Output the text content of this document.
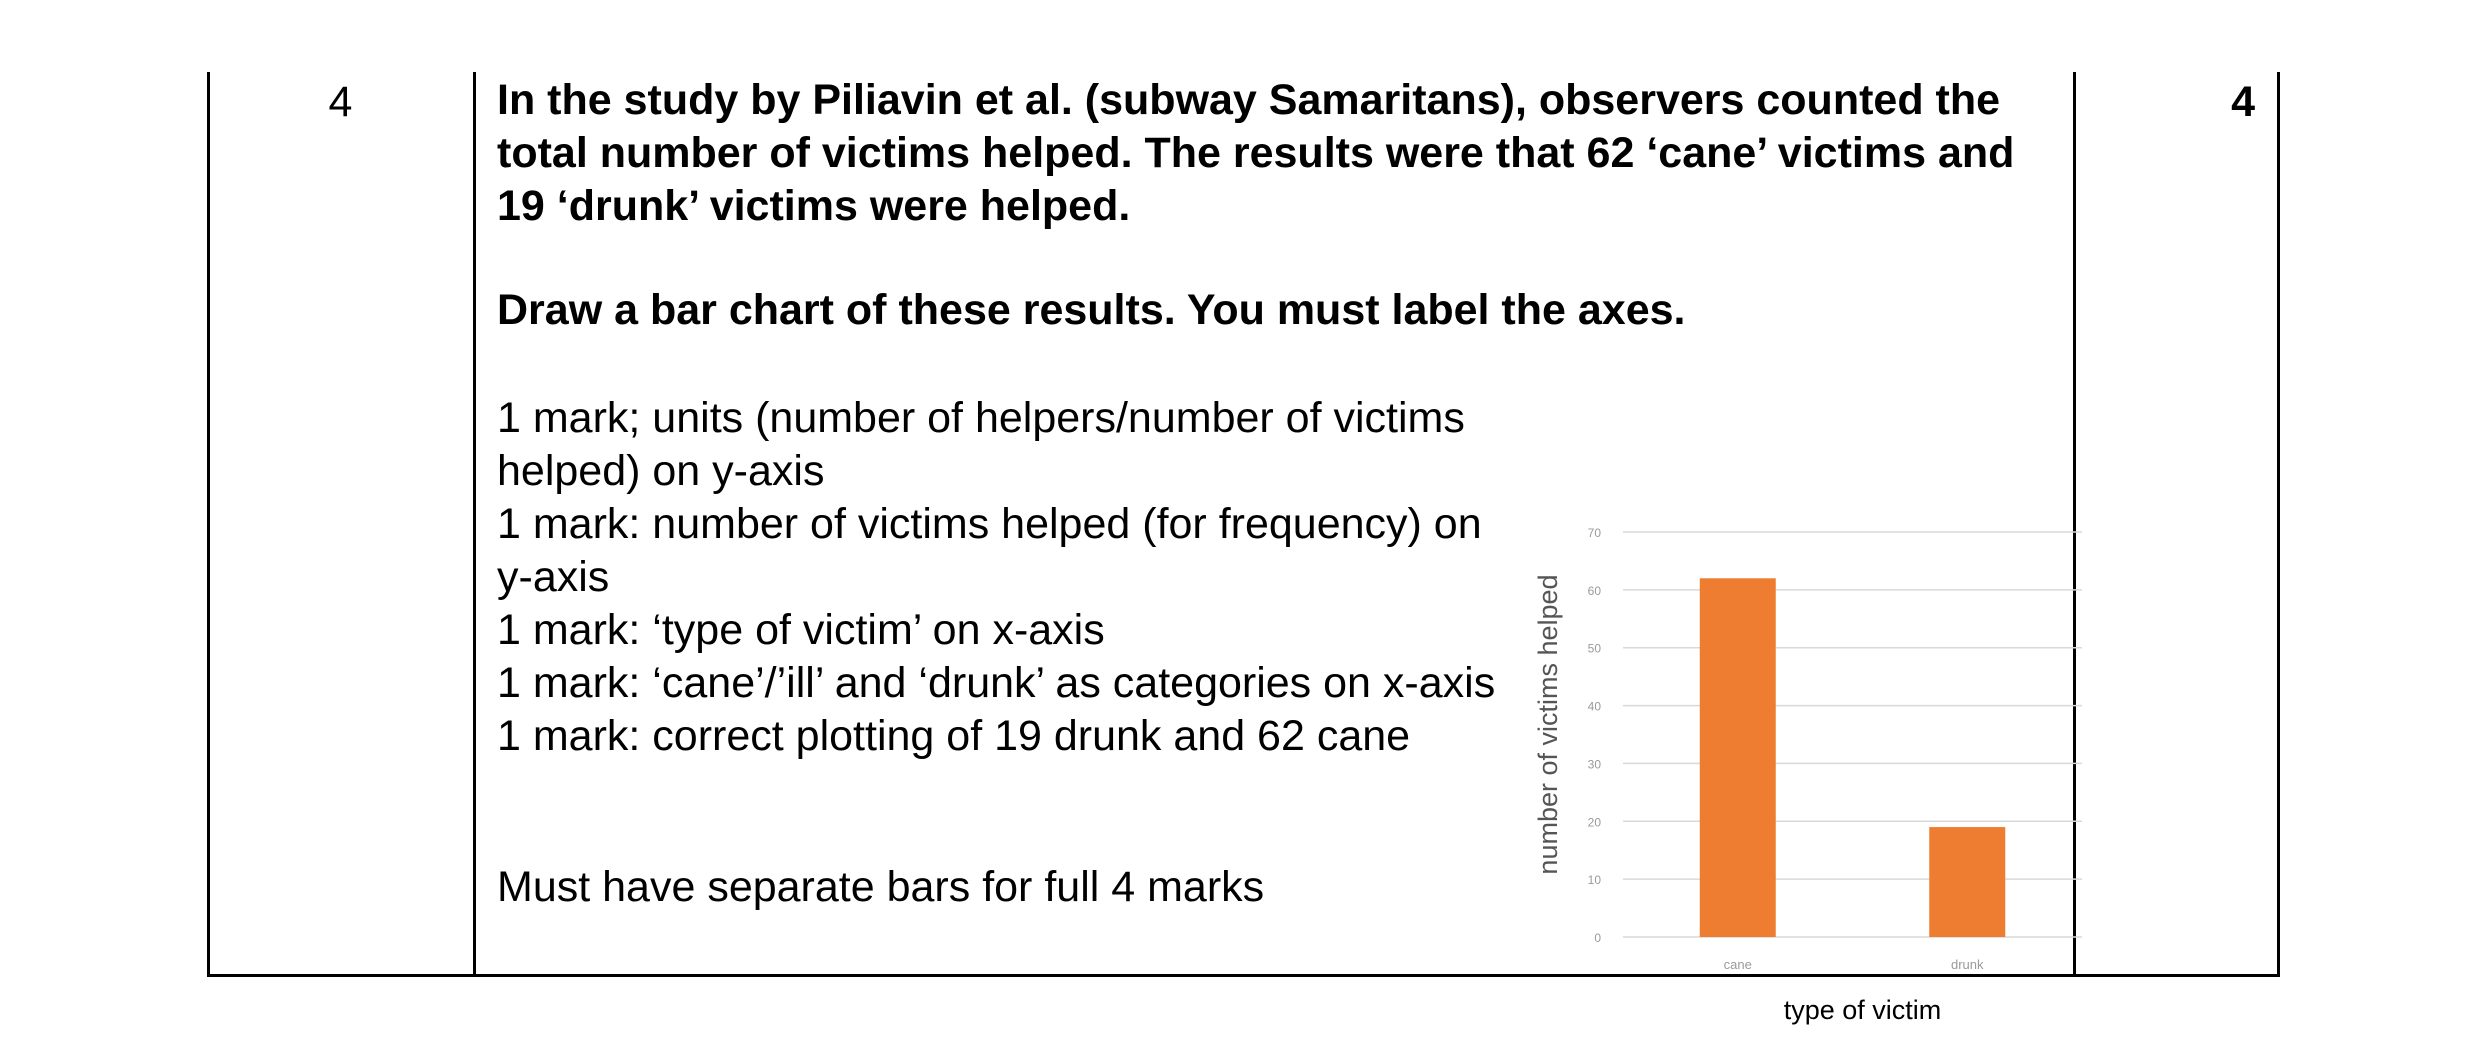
4	In the study by Piliavin et al. (subway Samaritans), observers counted the total number of victims helped. The results were that 62 ‘cane’ victims and 19 ‘drunk’ victims were helped.
Draw a bar chart of these results. You must label the axes.
1 mark; units (number of helpers/number of victims helped) on y-axis
1 mark: number of victims helped (for frequency) on y-axis
1 mark: ‘type of victim’ on x-axis
1 mark: ‘cane’/’ill’ and ‘drunk’ as categories on x-axis
1 mark: correct plotting of 19 drunk and 62 cane
Must have separate bars for full 4 marks
4
0
10
20
30
40
50
60
70
cane	drunk
type of victim
number of victims helped
